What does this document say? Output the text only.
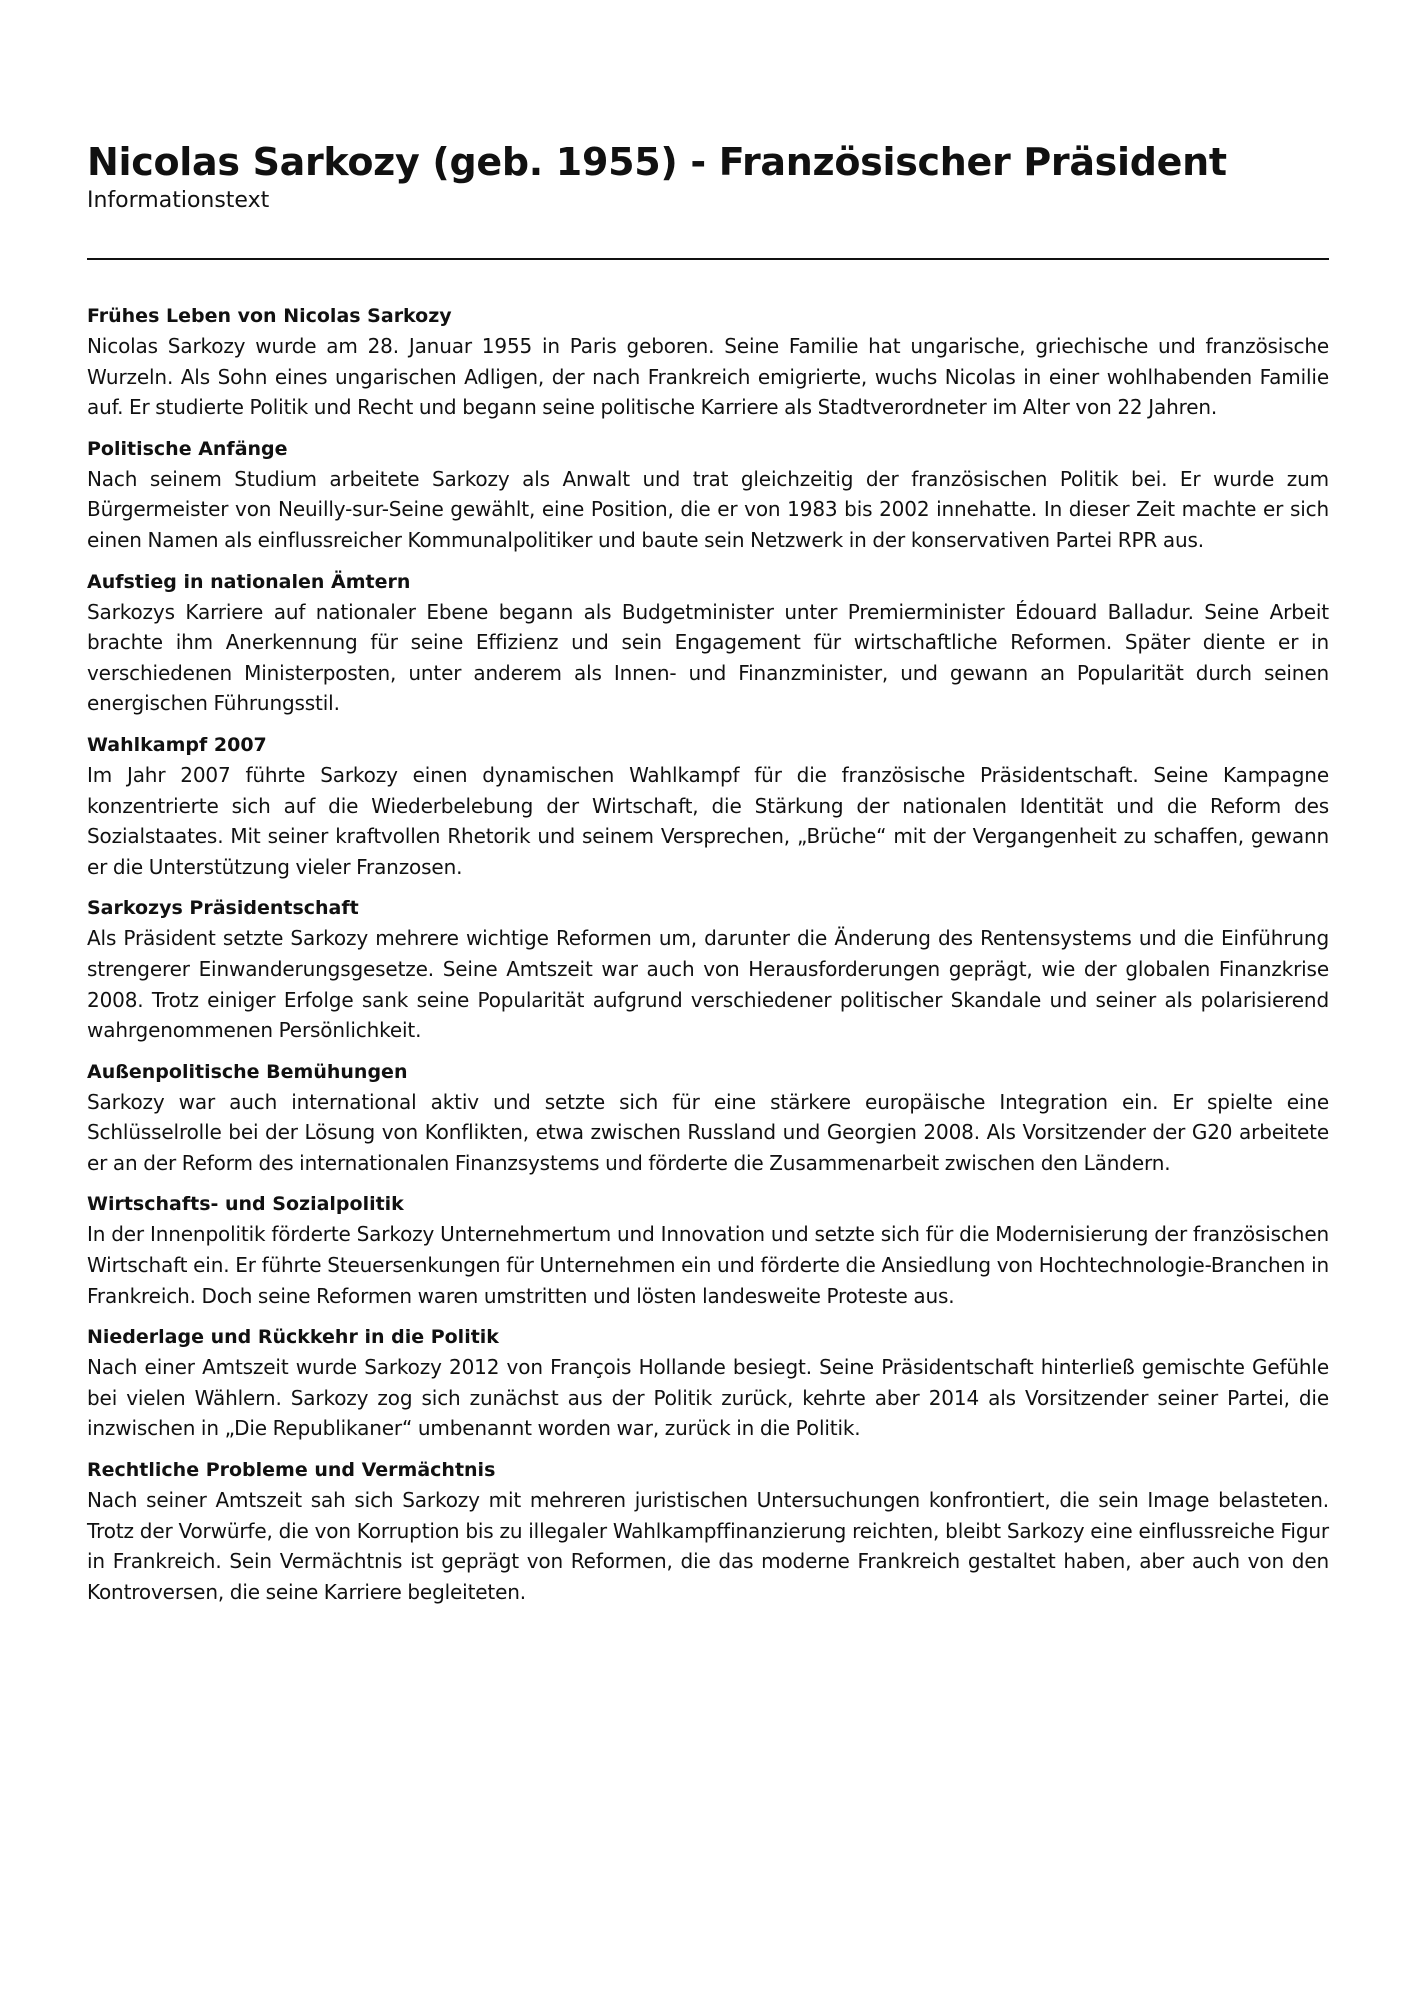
Nicolas Sarkozy (geb. 1955) - Französischer Präsident

Informationstext

Frühes Leben von Nicolas Sarkozy

Nicolas Sarkozy wurde am 28. Januar 1955 in Paris geboren. Seine Familie hat ungarische, griechische und französische Wurzeln. Als Sohn eines ungarischen Adligen, der nach Frankreich emigrierte, wuchs Nicolas in einer wohlhabenden Familie auf. Er studierte Politik und Recht und begann seine politische Karriere als Stadtverordneter im Alter von 22 Jahren.

Politische Anfänge

Nach seinem Studium arbeitete Sarkozy als Anwalt und trat gleichzeitig der französischen Politik bei. Er wurde zum Bürgermeister von Neuilly-sur-Seine gewählt, eine Position, die er von 1983 bis 2002 innehatte. In dieser Zeit machte er sich einen Namen als einflussreicher Kommunalpolitiker und baute sein Netzwerk in der konservativen Partei RPR aus.

Aufstieg in nationalen Ämtern

Sarkozys Karriere auf nationaler Ebene begann als Budgetminister unter Premierminister Édouard Balladur. Seine Arbeit brachte ihm Anerkennung für seine Effizienz und sein Engagement für wirtschaftliche Reformen. Später diente er in verschiedenen Ministerposten, unter anderem als Innen- und Finanzminister, und gewann an Popularität durch seinen energischen Führungsstil.

Wahlkampf 2007

Im Jahr 2007 führte Sarkozy einen dynamischen Wahlkampf für die französische Präsidentschaft. Seine Kampagne konzentrierte sich auf die Wiederbelebung der Wirtschaft, die Stärkung der nationalen Identität und die Reform des Sozialstaates. Mit seiner kraftvollen Rhetorik und seinem Versprechen, „Brüche“ mit der Vergangenheit zu schaffen, gewann er die Unterstützung vieler Franzosen.

Sarkozys Präsidentschaft

Als Präsident setzte Sarkozy mehrere wichtige Reformen um, darunter die Änderung des Rentensystems und die Einführung strengerer Einwanderungsgesetze. Seine Amtszeit war auch von Herausforderungen geprägt, wie der globalen Finanzkrise 2008. Trotz einiger Erfolge sank seine Popularität aufgrund verschiedener politischer Skandale und seiner als polarisierend wahrgenommenen Persönlichkeit.

Außenpolitische Bemühungen

Sarkozy war auch international aktiv und setzte sich für eine stärkere europäische Integration ein. Er spielte eine Schlüsselrolle bei der Lösung von Konflikten, etwa zwischen Russland und Georgien 2008. Als Vorsitzender der G20 arbeitete er an der Reform des internationalen Finanzsystems und förderte die Zusammenarbeit zwischen den Ländern.

Wirtschafts- und Sozialpolitik

In der Innenpolitik förderte Sarkozy Unternehmertum und Innovation und setzte sich für die Modernisierung der französischen Wirtschaft ein. Er führte Steuersenkungen für Unternehmen ein und förderte die Ansiedlung von Hochtechnologie-Branchen in Frankreich. Doch seine Reformen waren umstritten und lösten landesweite Proteste aus.

Niederlage und Rückkehr in die Politik

Nach einer Amtszeit wurde Sarkozy 2012 von François Hollande besiegt. Seine Präsidentschaft hinterließ gemischte Gefühle bei vielen Wählern. Sarkozy zog sich zunächst aus der Politik zurück, kehrte aber 2014 als Vorsitzender seiner Partei, die inzwischen in „Die Republikaner“ umbenannt worden war, zurück in die Politik.

Rechtliche Probleme und Vermächtnis

Nach seiner Amtszeit sah sich Sarkozy mit mehreren juristischen Untersuchungen konfrontiert, die sein Image belasteten. Trotz der Vorwürfe, die von Korruption bis zu illegaler Wahlkampffinanzierung reichten, bleibt Sarkozy eine einflussreiche Figur in Frankreich. Sein Vermächtnis ist geprägt von Reformen, die das moderne Frankreich gestaltet haben, aber auch von den Kontroversen, die seine Karriere begleiteten.
